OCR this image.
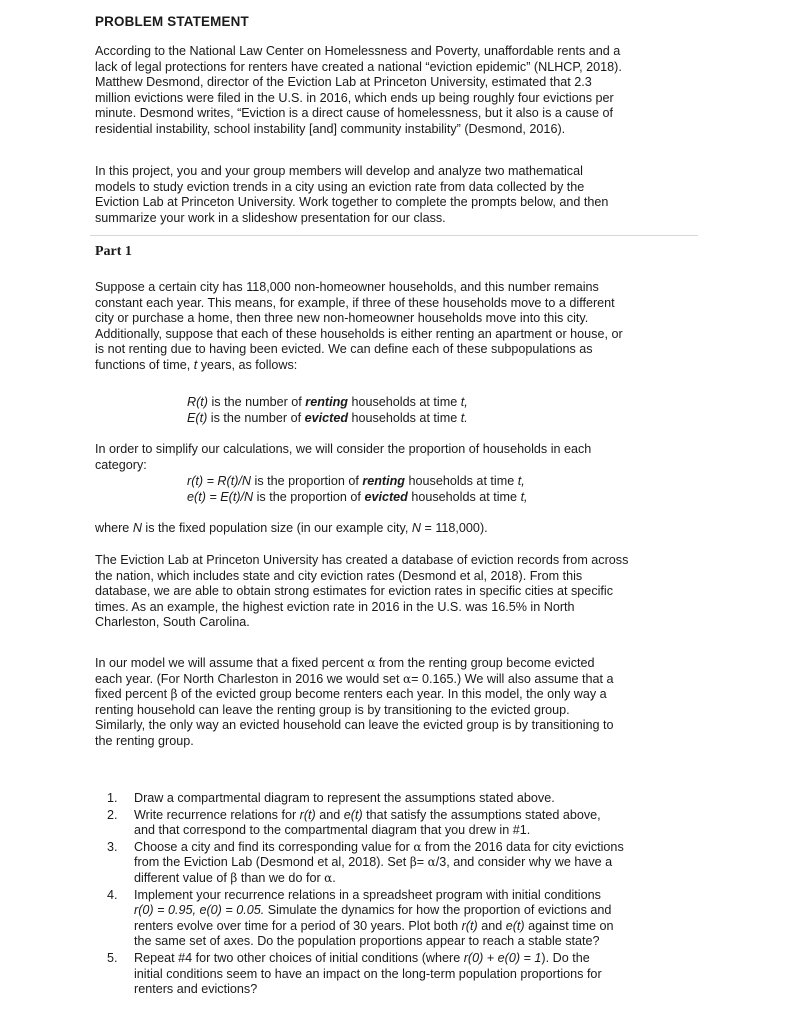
PROBLEM STATEMENT

According to the National Law Center on Homelessness and Poverty, unaffordable rents and a
lack of legal protections for renters have created a national “eviction epidemic” (NLHCP, 2018).
Matthew Desmond, director of the Eviction Lab at Princeton University, estimated that 2.3
million evictions were filed in the U.S. in 2016, which ends up being roughly four evictions per
minute. Desmond writes, “Eviction is a direct cause of homelessness, but it also is a cause of
residential instability, school instability [and] community instability” (Desmond, 2016).

In this project, you and your group members will develop and analyze two mathematical
models to study eviction trends in a city using an eviction rate from data collected by the
Eviction Lab at Princeton University. Work together to complete the prompts below, and then
summarize your work in a slideshow presentation for our class.

Part 1

Suppose a certain city has 118,000 non-homeowner households, and this number remains
constant each year. This means, for example, if three of these households move to a different
city or purchase a home, then three new non-homeowner households move into this city.
Additionally, suppose that each of these households is either renting an apartment or house, or
is not renting due to having been evicted. We can define each of these subpopulations as
functions of time, t years, as follows:

R(t) is the number of renting households at time t,
E(t) is the number of evicted households at time t.

In order to simplify our calculations, we will consider the proportion of households in each
category:

r(t) = R(t)/N is the proportion of renting households at time t,
e(t) = E(t)/N is the proportion of evicted households at time t,

where N is the fixed population size (in our example city, N = 118,000).

The Eviction Lab at Princeton University has created a database of eviction records from across
the nation, which includes state and city eviction rates (Desmond et al, 2018). From this
database, we are able to obtain strong estimates for eviction rates in specific cities at specific
times. As an example, the highest eviction rate in 2016 in the U.S. was 16.5% in North
Charleston, South Carolina.

In our model we will assume that a fixed percent α from the renting group become evicted
each year. (For North Charleston in 2016 we would set α= 0.165.) We will also assume that a
fixed percent β of the evicted group become renters each year. In this model, the only way a
renting household can leave the renting group is by transitioning to the evicted group.
Similarly, the only way an evicted household can leave the evicted group is by transitioning to
the renting group.

1. Draw a compartmental diagram to represent the assumptions stated above.
2. Write recurrence relations for r(t) and e(t) that satisfy the assumptions stated above,
and that correspond to the compartmental diagram that you drew in #1.
3. Choose a city and find its corresponding value for α from the 2016 data for city evictions
from the Eviction Lab (Desmond et al, 2018). Set β= α/3, and consider why we have a
different value of β than we do for α.
4. Implement your recurrence relations in a spreadsheet program with initial conditions
r(0) = 0.95, e(0) = 0.05. Simulate the dynamics for how the proportion of evictions and
renters evolve over time for a period of 30 years. Plot both r(t) and e(t) against time on
the same set of axes. Do the population proportions appear to reach a stable state?
5. Repeat #4 for two other choices of initial conditions (where r(0) + e(0) = 1). Do the
initial conditions seem to have an impact on the long-term population proportions for
renters and evictions?
